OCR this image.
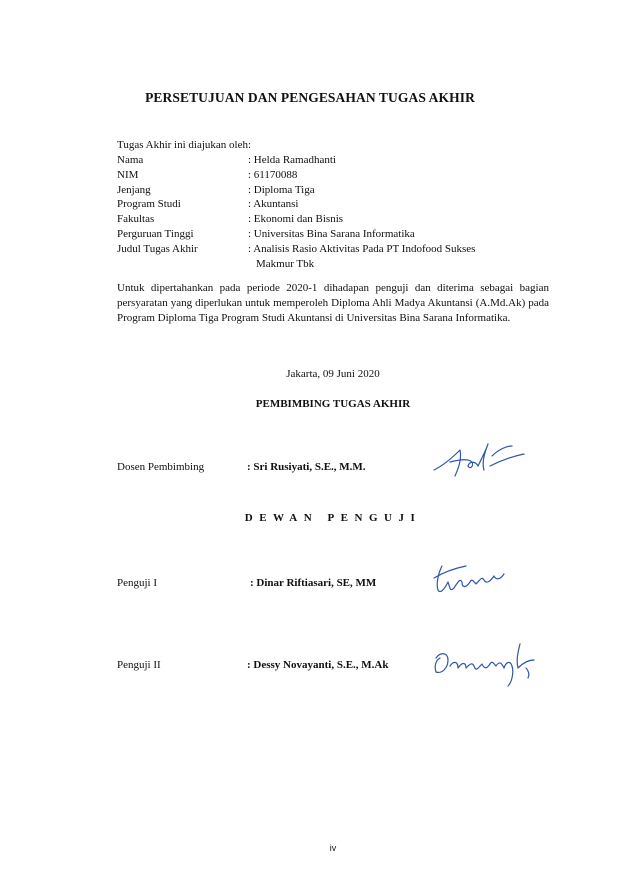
PERSETUJUAN DAN PENGESAHAN TUGAS AKHIR
Tugas Akhir ini diajukan oleh:
Nama	: Helda Ramadhanti
NIM	: 61170088
Jenjang	: Diploma Tiga
Program Studi	: Akuntansi
Fakultas	: Ekonomi dan Bisnis
Perguruan Tinggi	: Universitas Bina Sarana Informatika
Judul Tugas Akhir	: Analisis Rasio Aktivitas Pada PT Indofood Sukses
Makmur Tbk
Untuk dipertahankan pada periode 2020-1 dihadapan penguji dan diterima sebagai bagian persyaratan yang diperlukan untuk memperoleh Diploma Ahli Madya Akuntansi (A.Md.Ak) pada Program Diploma Tiga Program Studi Akuntansi di Universitas Bina Sarana Informatika.
Jakarta, 09 Juni 2020
PEMBIMBING TUGAS AKHIR
Dosen Pembimbing	: Sri Rusiyati, S.E., M.M.
DEWAN PENGUJI
Penguji I	: Dinar Riftiasari, SE, MM
Penguji II	: Dessy Novayanti, S.E., M.Ak
iv
